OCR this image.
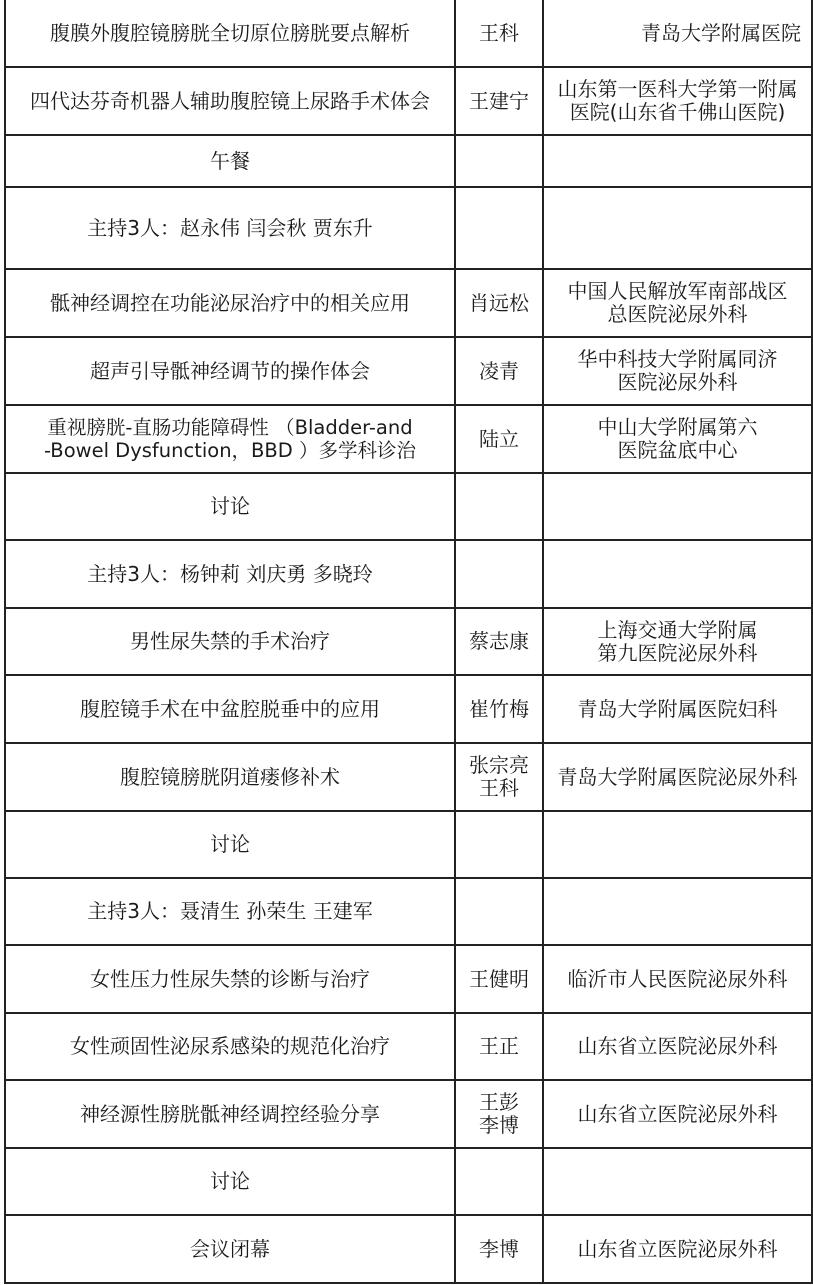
腹膜外腹腔镜膀胱全切原位膀胱要点解析	王科	青岛大学附属医院

四代达芬奇机器人辅助腹腔镜上尿路手术体会	王建宁	山东第一医科大学第一附属
医院(山东省千佛山医院)

午餐		
主持3人：赵永伟 闫会秋 贾东升		
骶神经调控在功能泌尿治疗中的相关应用	肖远松	中国人民解放军南部战区
总医院泌尿外科

超声引导骶神经调节的操作体会	凌青	华中科技大学附属同济
医院泌尿外科

重视膀胱-直肠功能障碍性 （Bladder-and
-Bowel Dysfunction，BBD ）多学科诊治	陆立	中山大学附属第六
医院盆底中心

讨论		
主持3人：杨钟莉 刘庆勇 多晓玲		
男性尿失禁的手术治疗	蔡志康	上海交通大学附属
第九医院泌尿外科

腹腔镜手术在中盆腔脱垂中的应用	崔竹梅	青岛大学附属医院妇科

腹腔镜膀胱阴道瘘修补术	张宗亮
王科	青岛大学附属医院泌尿外科

讨论		
主持3人：聂清生 孙荣生 王建军		
女性压力性尿失禁的诊断与治疗	王健明	临沂市人民医院泌尿外科

女性顽固性泌尿系感染的规范化治疗	王正	山东省立医院泌尿外科

神经源性膀胱骶神经调控经验分享	王彭
李博	山东省立医院泌尿外科

讨论		
会议闭幕	李博	山东省立医院泌尿外科
